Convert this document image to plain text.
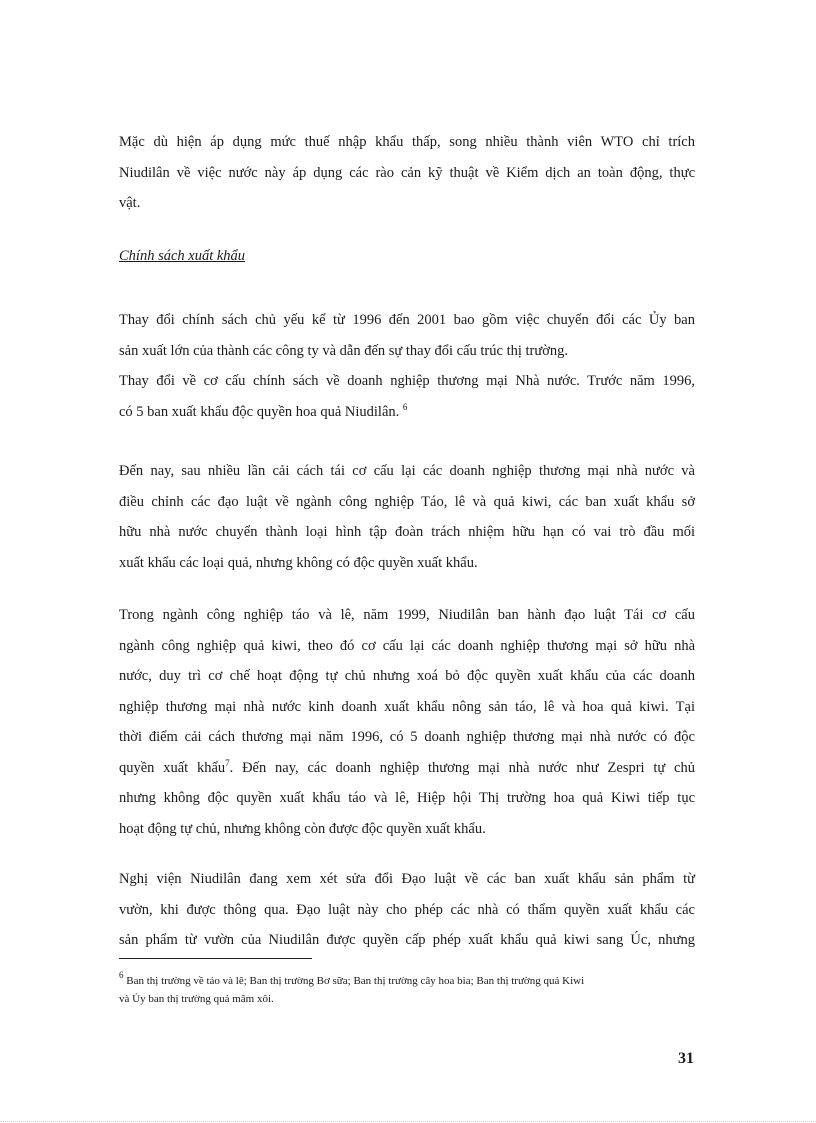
Mặc dù hiện áp dụng mức thuế nhập khẩu thấp, song nhiều thành viên WTO chỉ trích
Niudilân về việc nước này áp dụng các rào cản kỹ thuật về Kiểm dịch an toàn động, thực
vật.
Chính sách xuất khẩu
Thay đổi chính sách chủ yếu kể từ 1996 đến 2001 bao gồm việc chuyển đổi các Ủy ban
sản xuất lớn của thành các công ty và dẫn đến sự thay đổi cấu trúc thị trường.
Thay đổi về cơ cấu chính sách về doanh nghiệp thương mại Nhà nước. Trước năm 1996,
có 5 ban xuất khẩu độc quyền hoa quả Niudilân. $^6$
Đến nay, sau nhiều lần cải cách tái cơ cấu lại các doanh nghiệp thương mại nhà nước và
điều chỉnh các đạo luật về ngành công nghiệp Táo, lê và quả kiwi, các ban xuất khẩu sở
hữu nhà nước chuyển thành loại hình tập đoàn trách nhiệm hữu hạn có vai trò đầu mối
xuất khẩu các loại quả, nhưng không có độc quyền xuất khẩu.
Trong ngành công nghiệp táo và lê, năm 1999, Niudilân ban hành đạo luật Tái cơ cấu
ngành công nghiệp quả kiwi, theo đó cơ cấu lại các doanh nghiệp thương mại sở hữu nhà
nước, duy trì cơ chế hoạt động tự chủ nhưng xoá bỏ độc quyền xuất khẩu của các doanh
nghiệp thương mại nhà nước kinh doanh xuất khẩu nông sản táo, lê và hoa quả kiwi. Tại
thời điểm cải cách thương mại năm 1996, có 5 doanh nghiệp thương mại nhà nước có độc
quyền xuất khẩu$^7$. Đến nay, các doanh nghiệp thương mại nhà nước như Zespri tự chủ
nhưng không độc quyền xuất khẩu táo và lê, Hiệp hội Thị trường hoa quả Kiwi tiếp tục
hoạt động tự chủ, nhưng không còn được độc quyền xuất khẩu.
Nghị viện Niudilân đang xem xét sửa đổi Đạo luật về các ban xuất khẩu sản phẩm từ
vườn, khi được thông qua. Đạo luật này cho phép các nhà có thẩm quyền xuất khẩu các
sản phẩm từ vườn của Niudilân được quyền cấp phép xuất khẩu quả kiwi sang Úc, nhưng
$^6$ Ban thị trường về táo và lê; Ban thị trường Bơ sữa; Ban thị trường cây hoa bia; Ban thị trường quả Kiwi
và Ủy ban thị trường quả mâm xôi.
31
